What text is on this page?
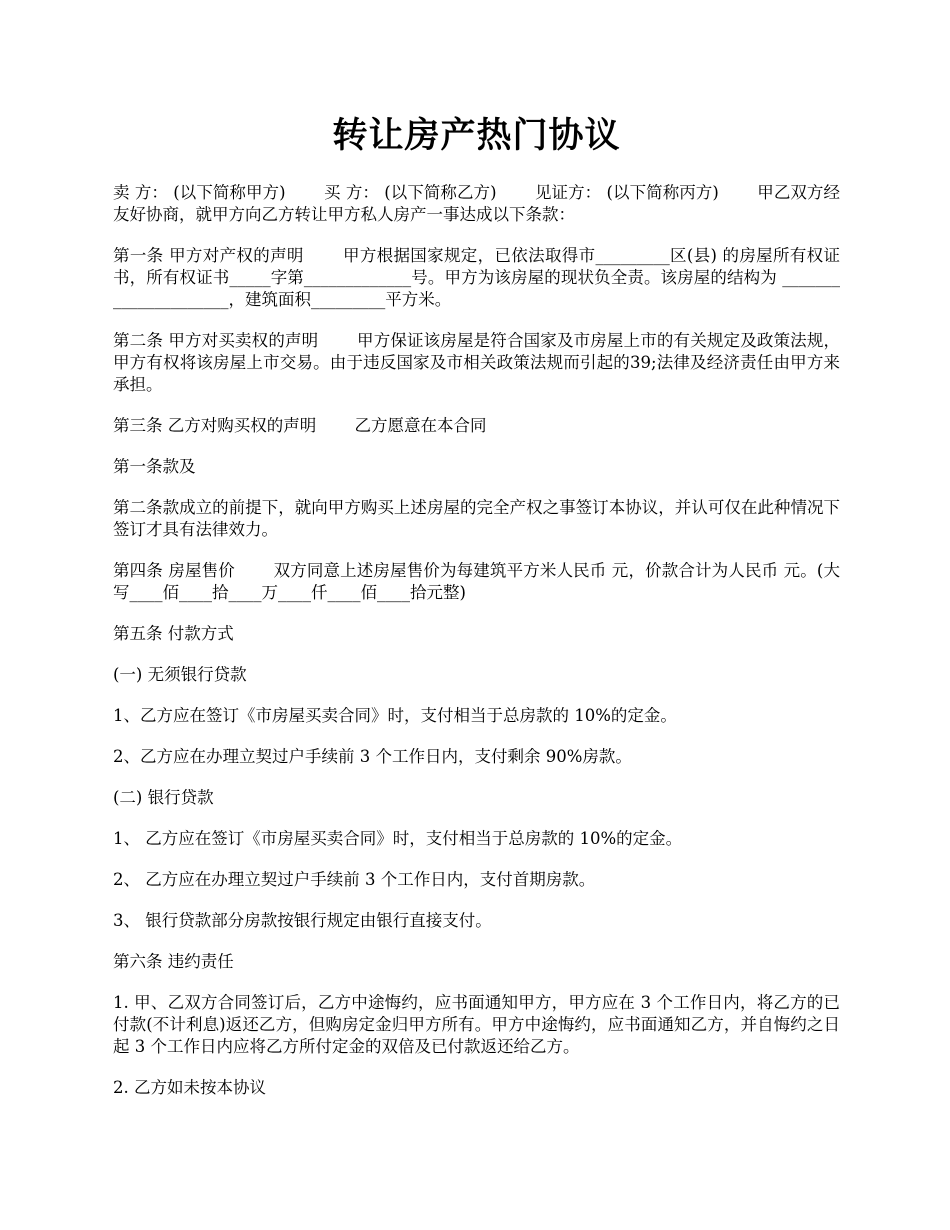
转让房产热门协议

卖 方： (以下简称甲方)　　 买 方： (以下简称乙方)　　 见证方： (以下简称丙方)　　 甲乙双方经友好协商，就甲方向乙方转让甲方私人房产一事达成以下条款：

第一条 甲方对产权的声明　　 甲方根据国家规定，已依法取得市_________区(县) 的房屋所有权证书，所有权证书_____字第_____________号。甲方为该房屋的现状负全责。该房屋的结构为 _____________________，建筑面积_________平方米。

第二条 甲方对买卖权的声明　　 甲方保证该房屋是符合国家及市房屋上市的有关规定及政策法规，甲方有权将该房屋上市交易。由于违反国家及市相关政策法规而引起的39;法律及经济责任由甲方来承担。

第三条 乙方对购买权的声明　　 乙方愿意在本合同

第一条款及

第二条款成立的前提下，就向甲方购买上述房屋的完全产权之事签订本协议，并认可仅在此种情况下签订才具有法律效力。

第四条 房屋售价　　 双方同意上述房屋售价为每建筑平方米人民币 元，价款合计为人民币 元。(大写____佰____拾____万____仟____佰____拾元整)

第五条 付款方式

(一) 无须银行贷款

1、乙方应在签订《市房屋买卖合同》时，支付相当于总房款的 10%的定金。

2、乙方应在办理立契过户手续前 3 个工作日内，支付剩余 90%房款。

(二) 银行贷款

1、 乙方应在签订《市房屋买卖合同》时，支付相当于总房款的 10%的定金。

2、 乙方应在办理立契过户手续前 3 个工作日内，支付首期房款。

3、 银行贷款部分房款按银行规定由银行直接支付。

第六条 违约责任

1. 甲、乙双方合同签订后，乙方中途悔约，应书面通知甲方，甲方应在 3 个工作日内，将乙方的已付款(不计利息)返还乙方，但购房定金归甲方所有。甲方中途悔约，应书面通知乙方，并自悔约之日起 3 个工作日内应将乙方所付定金的双倍及已付款返还给乙方。

2. 乙方如未按本协议
